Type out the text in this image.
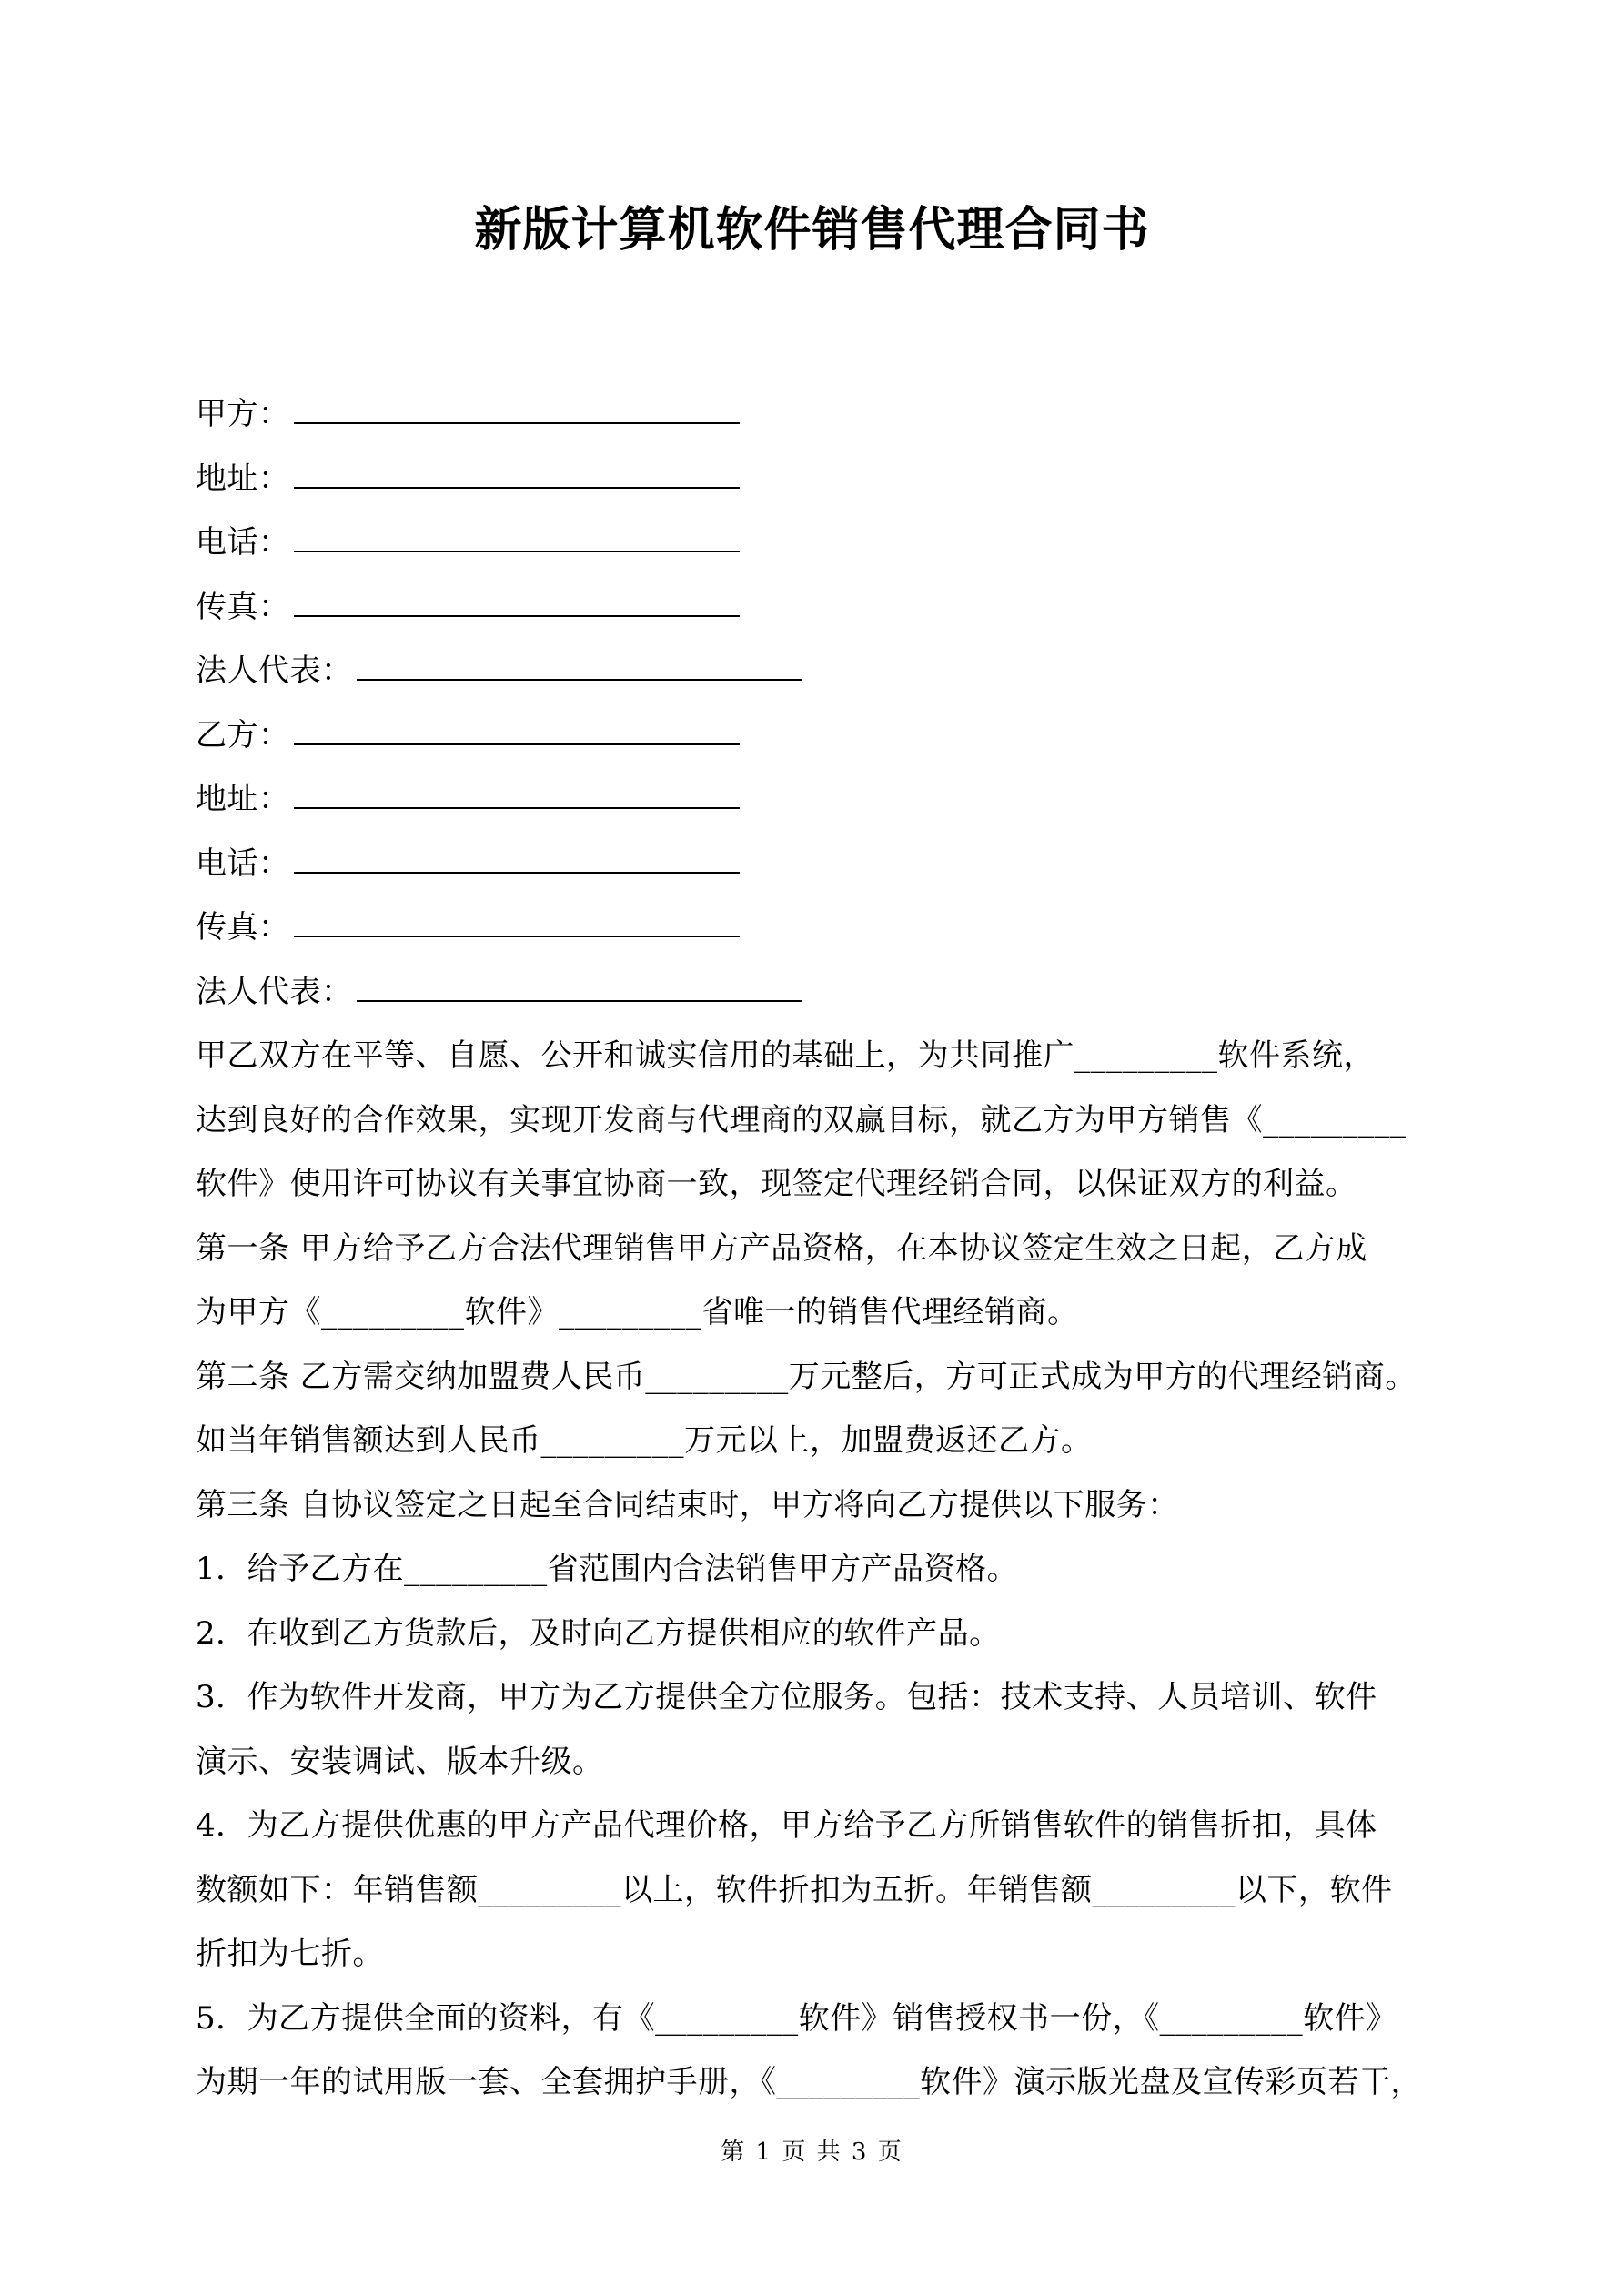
新版计算机软件销售代理合同书
甲方：
地址：
电话：
传真：
法人代表：
乙方：
地址：
电话：
传真：
法人代表：
甲乙双方在平等、自愿、公开和诚实信用的基础上，为共同推广_________软件系统，
达到良好的合作效果，实现开发商与代理商的双赢目标，就乙方为甲方销售《_________
软件》使用许可协议有关事宜协商一致，现签定代理经销合同，以保证双方的利益。
第一条 甲方给予乙方合法代理销售甲方产品资格，在本协议签定生效之日起，乙方成
为甲方《_________软件》_________省唯一的销售代理经销商。
第二条 乙方需交纳加盟费人民币_________万元整后，方可正式成为甲方的代理经销商。
如当年销售额达到人民币_________万元以上，加盟费返还乙方。
第三条 自协议签定之日起至合同结束时，甲方将向乙方提供以下服务：
1．给予乙方在_________省范围内合法销售甲方产品资格。
2．在收到乙方货款后，及时向乙方提供相应的软件产品。
3．作为软件开发商，甲方为乙方提供全方位服务。包括：技术支持、人员培训、软件
演示、安装调试、版本升级。
4．为乙方提供优惠的甲方产品代理价格，甲方给予乙方所销售软件的销售折扣，具体
数额如下：年销售额_________以上，软件折扣为五折。年销售额_________以下，软件
折扣为七折。
5．为乙方提供全面的资料，有《_________软件》销售授权书一份，《_________软件》
为期一年的试用版一套、全套拥护手册，《_________软件》演示版光盘及宣传彩页若干，
第 1 页 共 3 页
